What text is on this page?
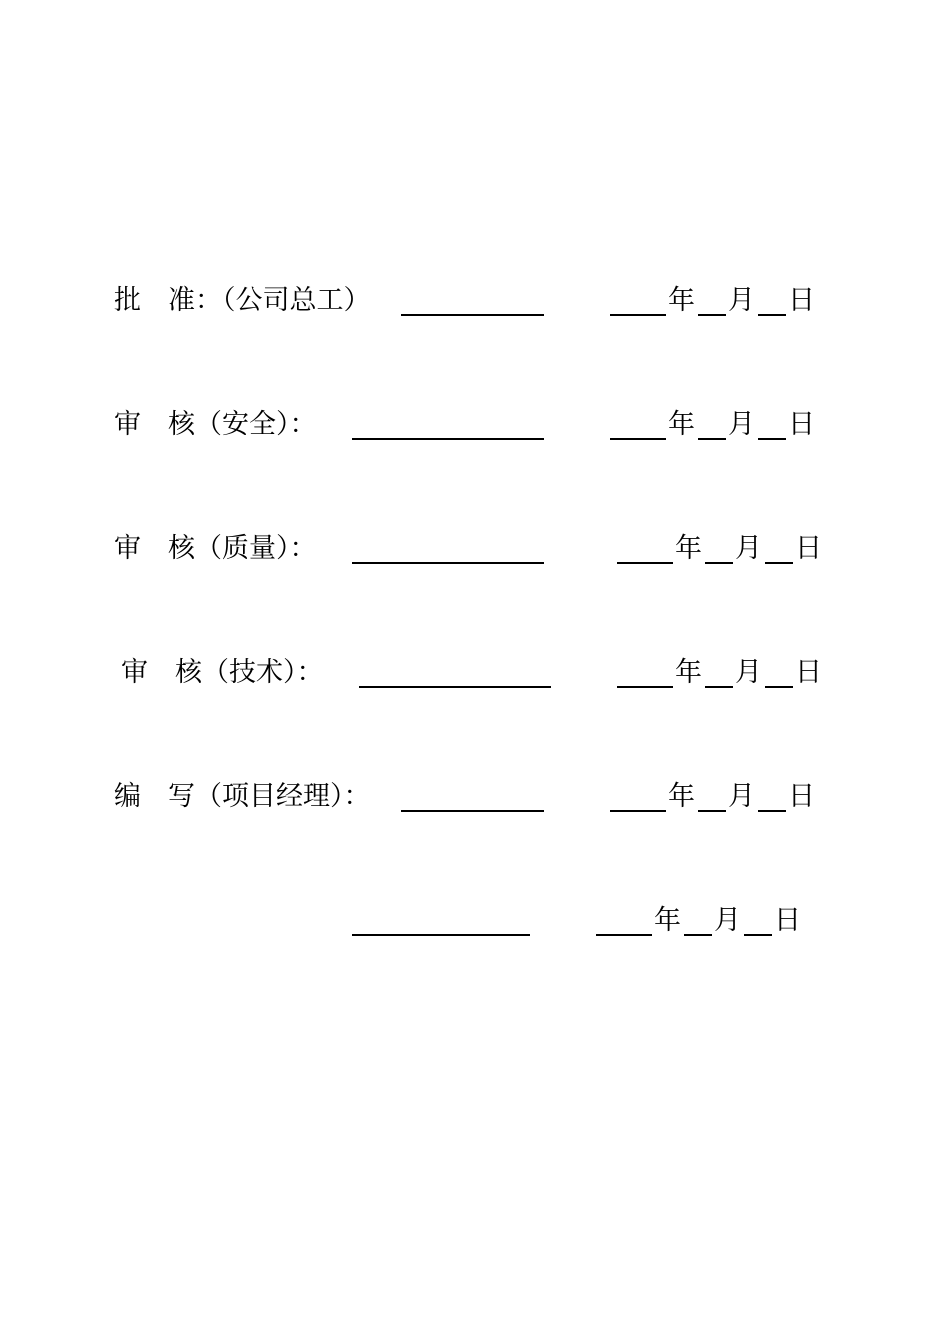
批　准：（公司总工）	年 月 日
审　核（安全）：	年 月 日
审　核（质量）：	年 月 日
审　核（技术）：	年 月 日
编　写（项目经理）：	年 月 日
年 月 日
